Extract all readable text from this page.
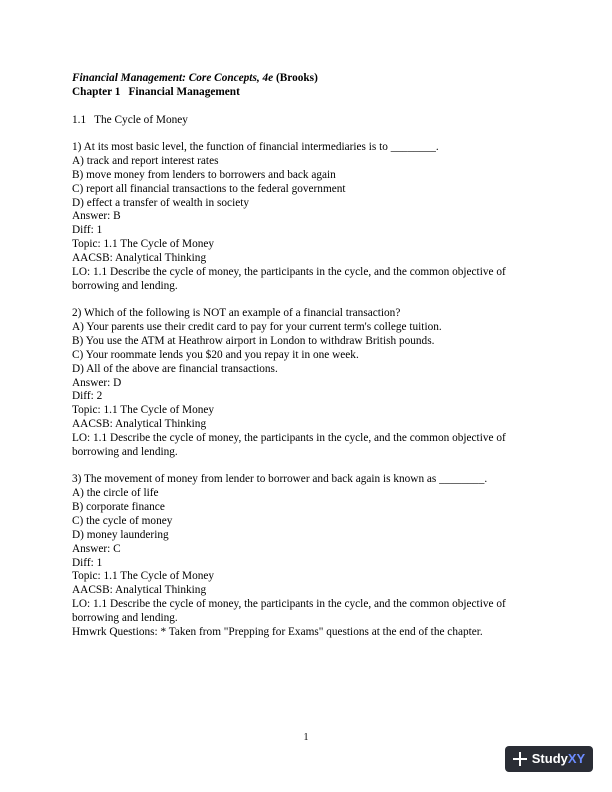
Financial Management: Core Concepts, 4e (Brooks)
Chapter 1 Financial Management
1.1 The Cycle of Money
1) At its most basic level, the function of financial intermediaries is to ________.
A) track and report interest rates
B) move money from lenders to borrowers and back again
C) report all financial transactions to the federal government
D) effect a transfer of wealth in society
Answer: B
Diff: 1
Topic: 1.1 The Cycle of Money
AACSB: Analytical Thinking
LO: 1.1 Describe the cycle of money, the participants in the cycle, and the common objective of borrowing and lending.
2) Which of the following is NOT an example of a financial transaction?
A) Your parents use their credit card to pay for your current term's college tuition.
B) You use the ATM at Heathrow airport in London to withdraw British pounds.
C) Your roommate lends you $20 and you repay it in one week.
D) All of the above are financial transactions.
Answer: D
Diff: 2
Topic: 1.1 The Cycle of Money
AACSB: Analytical Thinking
LO: 1.1 Describe the cycle of money, the participants in the cycle, and the common objective of borrowing and lending.
3) The movement of money from lender to borrower and back again is known as ________.
A) the circle of life
B) corporate finance
C) the cycle of money
D) money laundering
Answer: C
Diff: 1
Topic: 1.1 The Cycle of Money
AACSB: Analytical Thinking
LO: 1.1 Describe the cycle of money, the participants in the cycle, and the common objective of borrowing and lending.
Hmwrk Questions: * Taken from "Prepping for Exams" questions at the end of the chapter.
1
Study XY
